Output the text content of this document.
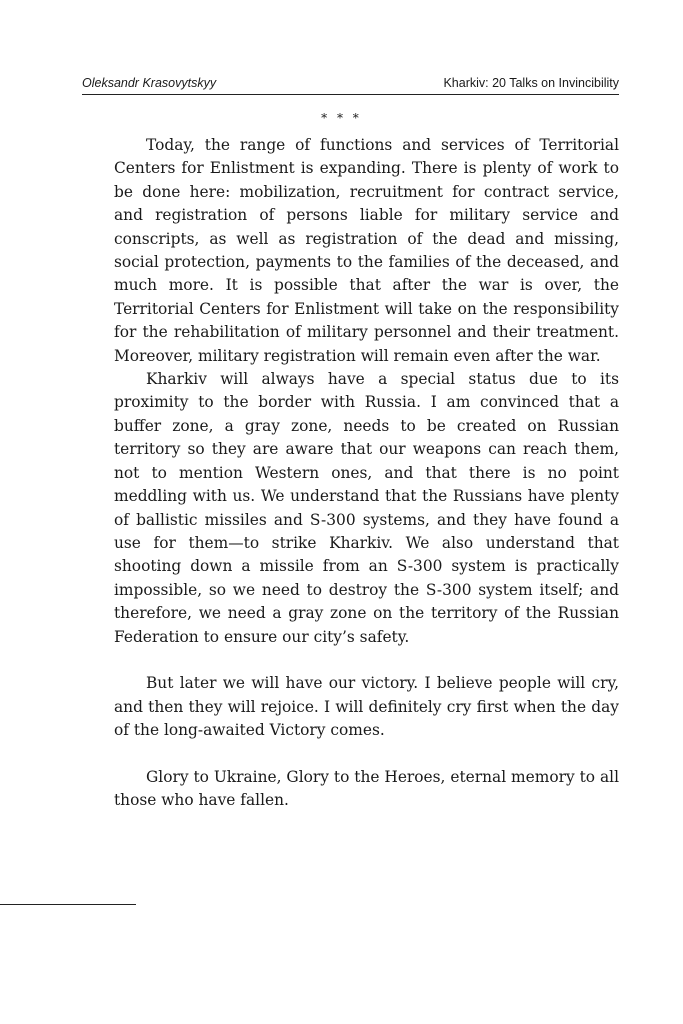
Oleksandr Krasovytskyy	Kharkiv: 20 Talks on Invincibility
* * *

Today, the range of functions and services of Territorial Centers for Enlistment is expanding. There is plenty of work to be done here: mobilization, recruitment for contract service, and registration of persons liable for military service and conscripts, as well as registration of the dead and missing, social protection, payments to the families of the deceased, and much more. It is possible that after the war is over, the Territorial Centers for Enlistment will take on the responsibility for the rehabilitation of military personnel and their treatment. Moreover, military registration will remain even after the war.

Kharkiv will always have a special status due to its proximity to the border with Russia. I am convinced that a buffer zone, a gray zone, needs to be created on Russian territory so they are aware that our weapons can reach them, not to mention Western ones, and that there is no point meddling with us. We understand that the Russians have plenty of ballistic missiles and S-300 systems, and they have found a use for them—to strike Kharkiv. We also understand that shooting down a missile from an S-300 system is practically impossible, so we need to destroy the S-300 system itself; and therefore, we need a gray zone on the territory of the Russian Federation to ensure our city’s safety.

But later we will have our victory. I believe people will cry, and then they will rejoice. I will definitely cry first when the day of the long-awaited Victory comes.

Glory to Ukraine, Glory to the Heroes, eternal memory to all those who have fallen.
